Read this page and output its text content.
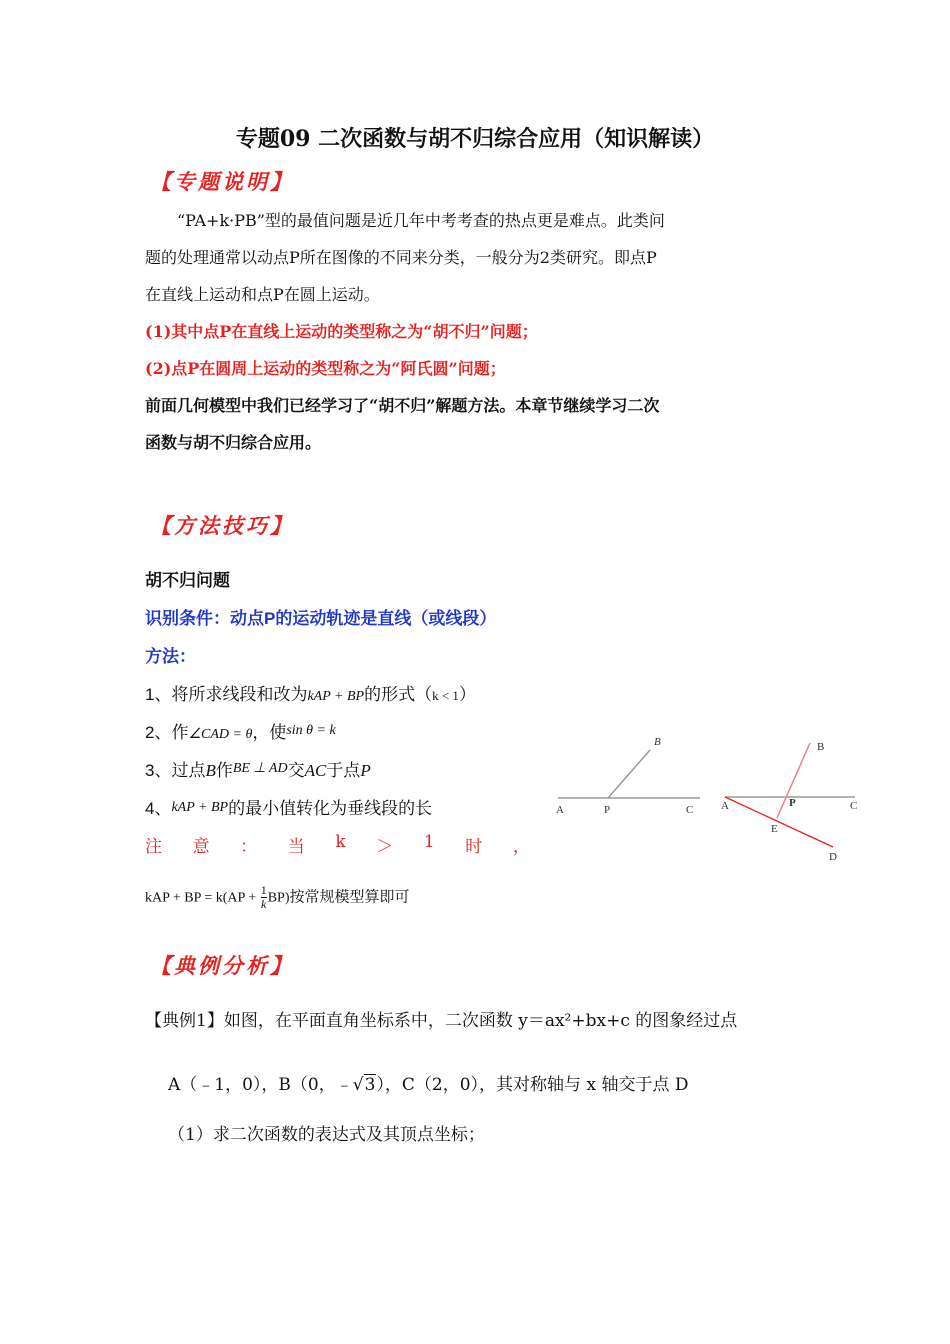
专题09 二次函数与胡不归综合应用（知识解读）
【专题说明】
“PA+k·PB”型的最值问题是近几年中考考查的热点更是难点。此类问
题的处理通常以动点P所在图像的不同来分类，一般分为2类研究。即点P
在直线上运动和点P在圆上运动。
(1)其中点P在直线上运动的类型称之为“胡不归”问题；
(2)点P在圆周上运动的类型称之为“阿氏圆”问题；
前面几何模型中我们已经学习了“胡不归”解题方法。本章节继续学习二次
函数与胡不归综合应用。
【方法技巧】
胡不归问题
识别条件：动点P的运动轨迹是直线（或线段）
方法：
1、将所求线段和改为kAP + BP的形式（k < 1）
2、作∠CAD = θ，使$^{sin \theta = k}$
3、过点B作$^{BE \perp AD}$交AC于点P
4、kAP + BP的最小值转化为垂线段的长
注 意 ： 当 k ＞ 1 时 ，
kAP + BP = $k(AP + \frac{1}{k} BP)$按常规模型算即可
A	P	C
B
A	P	C
B
E
D
【典例分析】
【典例1】如图，在平面直角坐标系中，二次函数 y＝ax²+bx+c 的图象经过点
A（﹣1，0），B（0，﹣√3），C（2，0），其对称轴与 x 轴交于点 D
（1）求二次函数的表达式及其顶点坐标；
